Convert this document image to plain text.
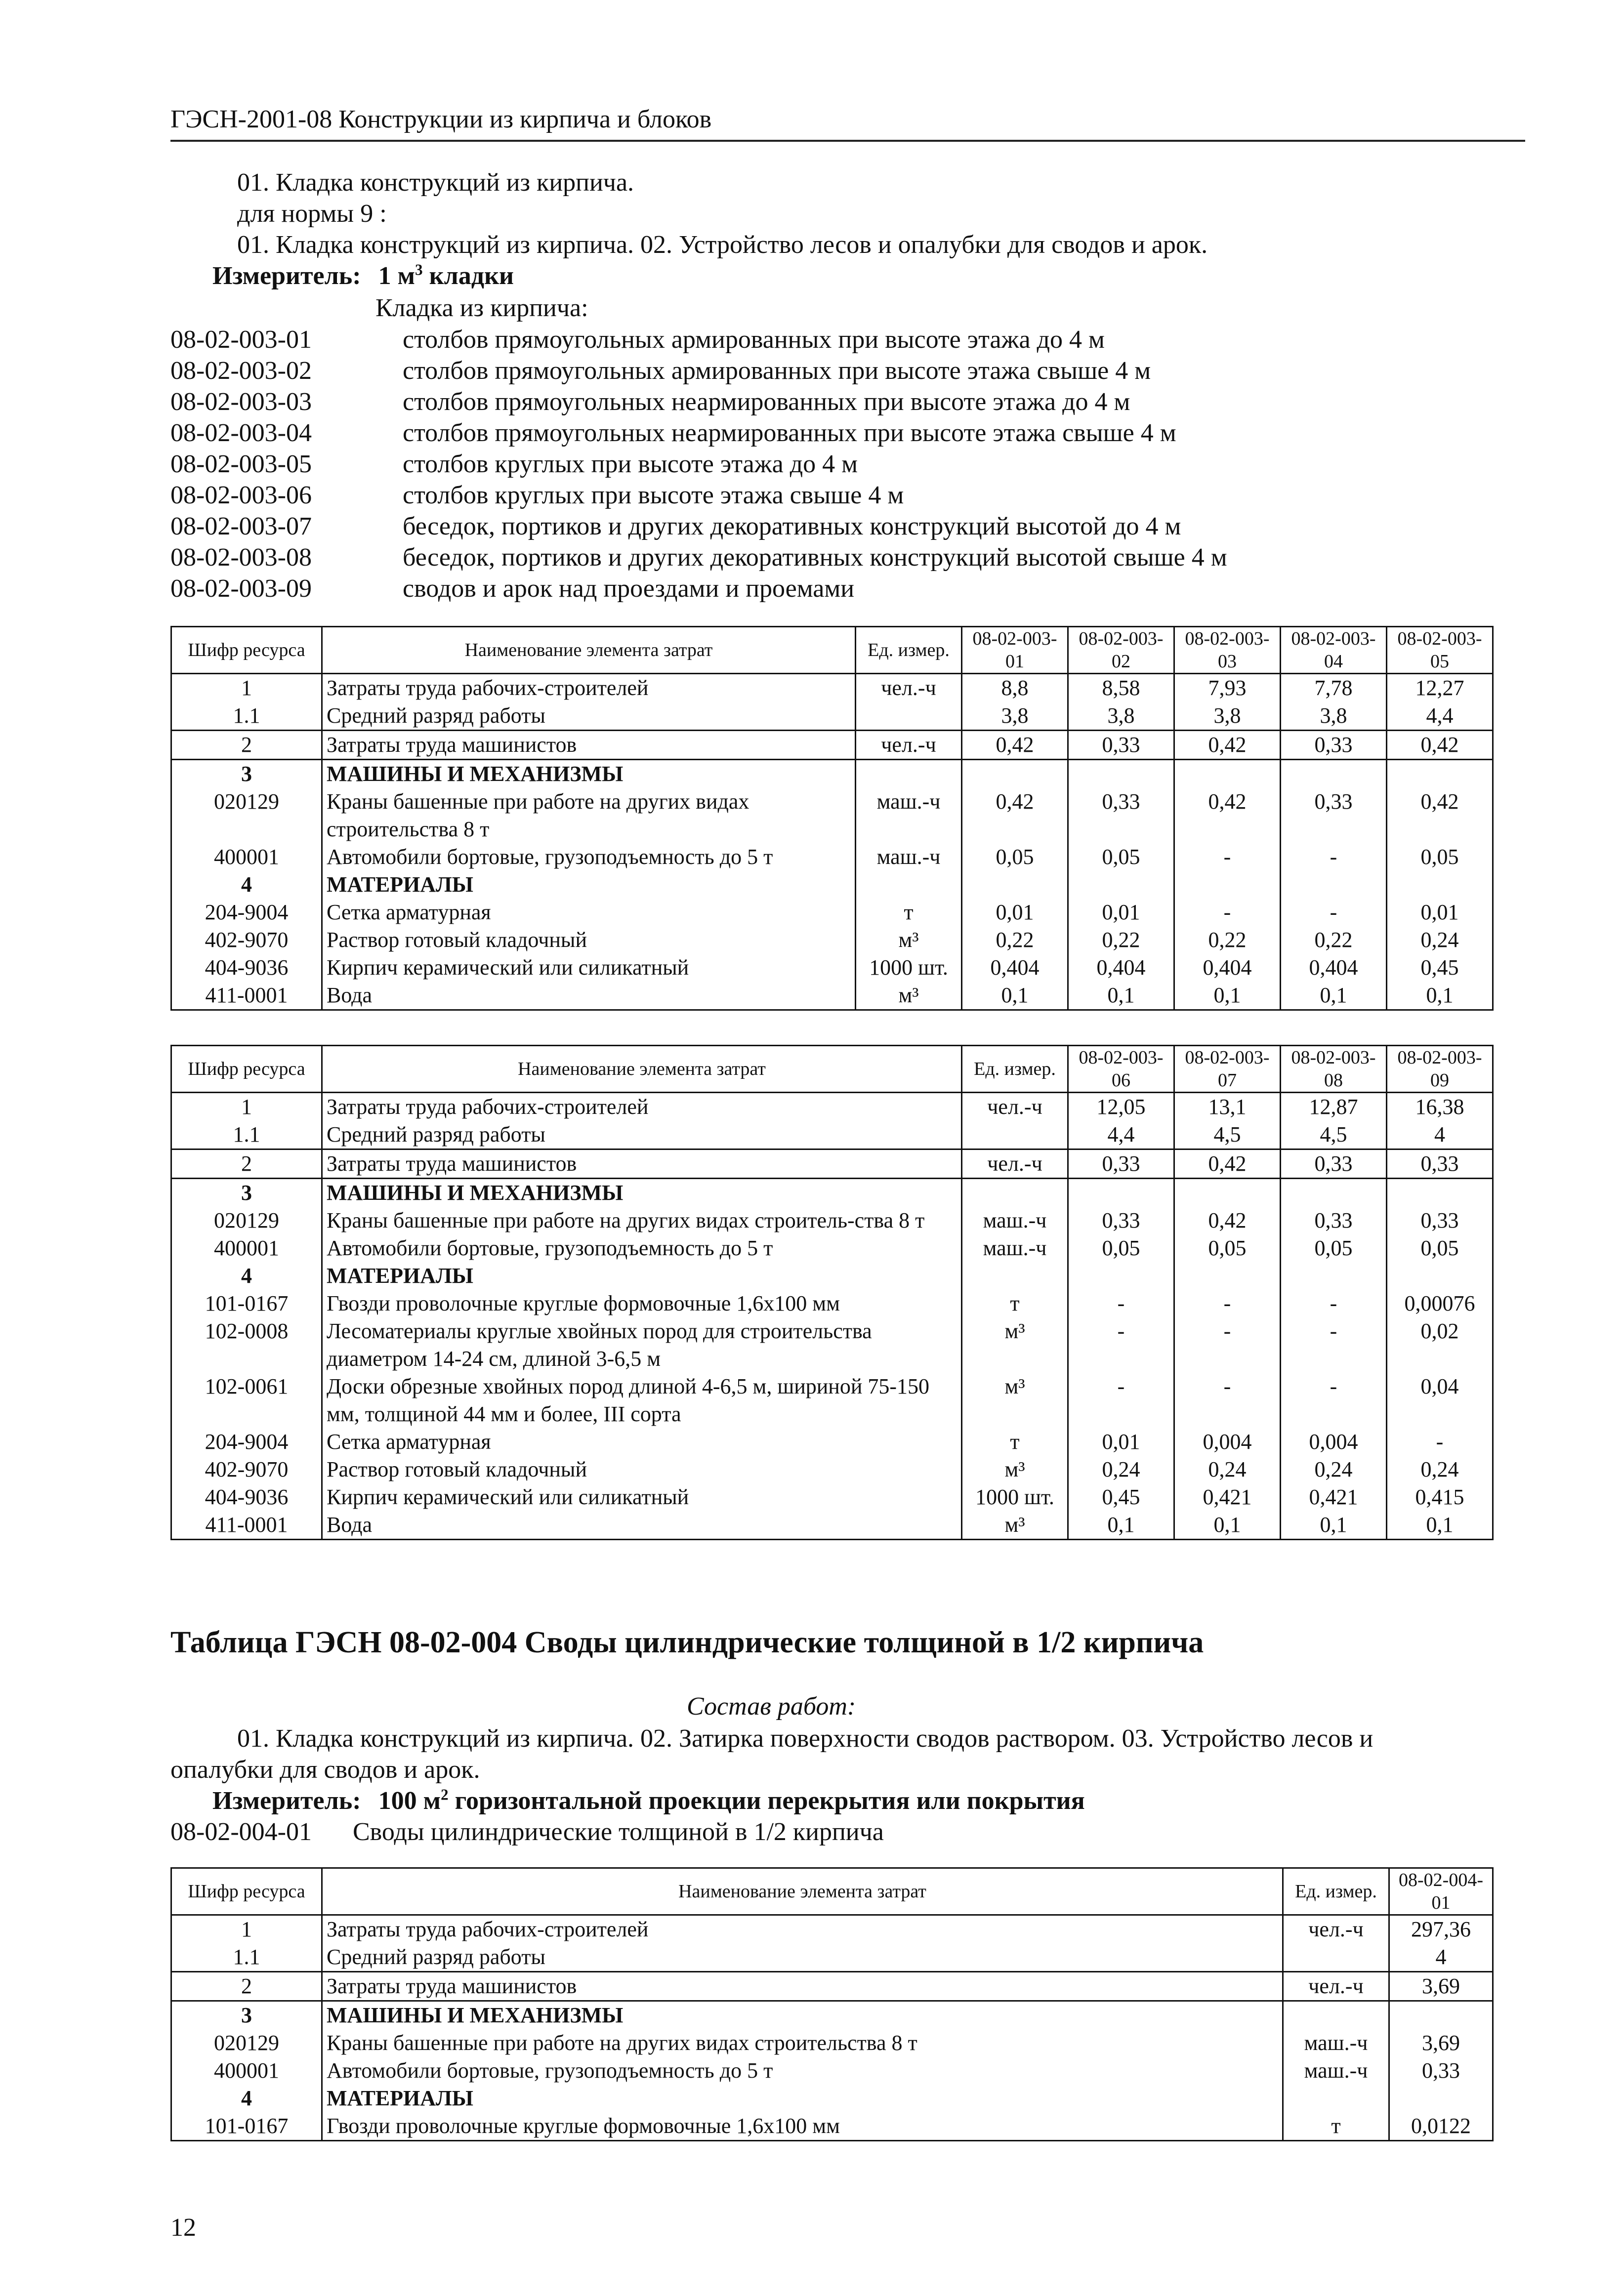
ГЭСН-2001-08 Конструкции из кирпича и блоков
01. Кладка конструкций из кирпича.
для нормы 9 :
01. Кладка конструкций из кирпича. 02. Устройство лесов и опалубки для сводов и арок.
Измеритель: 1 $м^3$ кладки
Кладка из кирпича:
08-02-003-01	столбов прямоугольных армированных при высоте этажа до 4 м
08-02-003-02	столбов прямоугольных армированных при высоте этажа свыше 4 м
08-02-003-03	столбов прямоугольных неармированных при высоте этажа до 4 м
08-02-003-04	столбов прямоугольных неармированных при высоте этажа свыше 4 м
08-02-003-05	столбов круглых при высоте этажа до 4 м
08-02-003-06	столбов круглых при высоте этажа свыше 4 м
08-02-003-07	беседок, портиков и других декоративных конструкций высотой до 4 м
08-02-003-08	беседок, портиков и других декоративных конструкций высотой свыше 4 м
08-02-003-09	сводов и арок над проездами и проемами
Шифр ресурса	Наименование элемента затрат	Ед. измер.	08-02-003-01	08-02-003-02	08-02-003-03	08-02-003-04	08-02-003-05
1	Затраты труда рабочих-строителей	чел.-ч	8,8	8,58	7,93	7,78	12,27
1.1	Средний разряд работы		3,8	3,8	3,8	3,8	4,4
2	Затраты труда машинистов	чел.-ч	0,42	0,33	0,42	0,33	0,42
3	МАШИНЫ И МЕХАНИЗМЫ						
020129	Краны башенные при работе на других видах строительства 8 т	маш.-ч	0,42	0,33	0,42	0,33	0,42
400001	Автомобили бортовые, грузоподъемность до 5 т	маш.-ч	0,05	0,05	-	-	0,05
4	МАТЕРИАЛЫ						
204-9004	Сетка арматурная	т	0,01	0,01	-	-	0,01
402-9070	Раствор готовый кладочный	м³	0,22	0,22	0,22	0,22	0,24
404-9036	Кирпич керамический или силикатный	1000 шт.	0,404	0,404	0,404	0,404	0,45
411-0001	Вода	м³	0,1	0,1	0,1	0,1	0,1
Шифр ресурса	Наименование элемента затрат	Ед. измер.	08-02-003-06	08-02-003-07	08-02-003-08	08-02-003-09
1	Затраты труда рабочих-строителей	чел.-ч	12,05	13,1	12,87	16,38
1.1	Средний разряд работы		4,4	4,5	4,5	4
2	Затраты труда машинистов	чел.-ч	0,33	0,42	0,33	0,33
3	МАШИНЫ И МЕХАНИЗМЫ					
020129	Краны башенные при работе на других видах строитель-ства 8 т	маш.-ч	0,33	0,42	0,33	0,33
400001	Автомобили бортовые, грузоподъемность до 5 т	маш.-ч	0,05	0,05	0,05	0,05
4	МАТЕРИАЛЫ					
101-0167	Гвозди проволочные круглые формовочные 1,6х100 мм	т	-	-	-	0,00076
102-0008	Лесоматериалы круглые хвойных пород для строительства диаметром 14-24 см, длиной 3-6,5 м	м³	-	-	-	0,02
102-0061	Доски обрезные хвойных пород длиной 4-6,5 м, шириной 75-150 мм, толщиной 44 мм и более, III сорта	м³	-	-	-	0,04
204-9004	Сетка арматурная	т	0,01	0,004	0,004	-
402-9070	Раствор готовый кладочный	м³	0,24	0,24	0,24	0,24
404-9036	Кирпич керамический или силикатный	1000 шт.	0,45	0,421	0,421	0,415
411-0001	Вода	м³	0,1	0,1	0,1	0,1
Таблица ГЭСН 08-02-004 Своды цилиндрические толщиной в 1/2 кирпича
Состав работ:
01. Кладка конструкций из кирпича. 02. Затирка поверхности сводов раствором. 03. Устройство лесов и
опалубки для сводов и арок.
Измеритель: 100 $м^2$ горизонтальной проекции перекрытия или покрытия
08-02-004-01 Своды цилиндрические толщиной в 1/2 кирпича
Шифр ресурса	Наименование элемента затрат	Ед. измер.	08-02-004-01
1	Затраты труда рабочих-строителей	чел.-ч	297,36
1.1	Средний разряд работы		4
2	Затраты труда машинистов	чел.-ч	3,69
3	МАШИНЫ И МЕХАНИЗМЫ		
020129	Краны башенные при работе на других видах строительства 8 т	маш.-ч	3,69
400001	Автомобили бортовые, грузоподъемность до 5 т	маш.-ч	0,33
4	МАТЕРИАЛЫ		
101-0167	Гвозди проволочные круглые формовочные 1,6х100 мм	т	0,0122
12
